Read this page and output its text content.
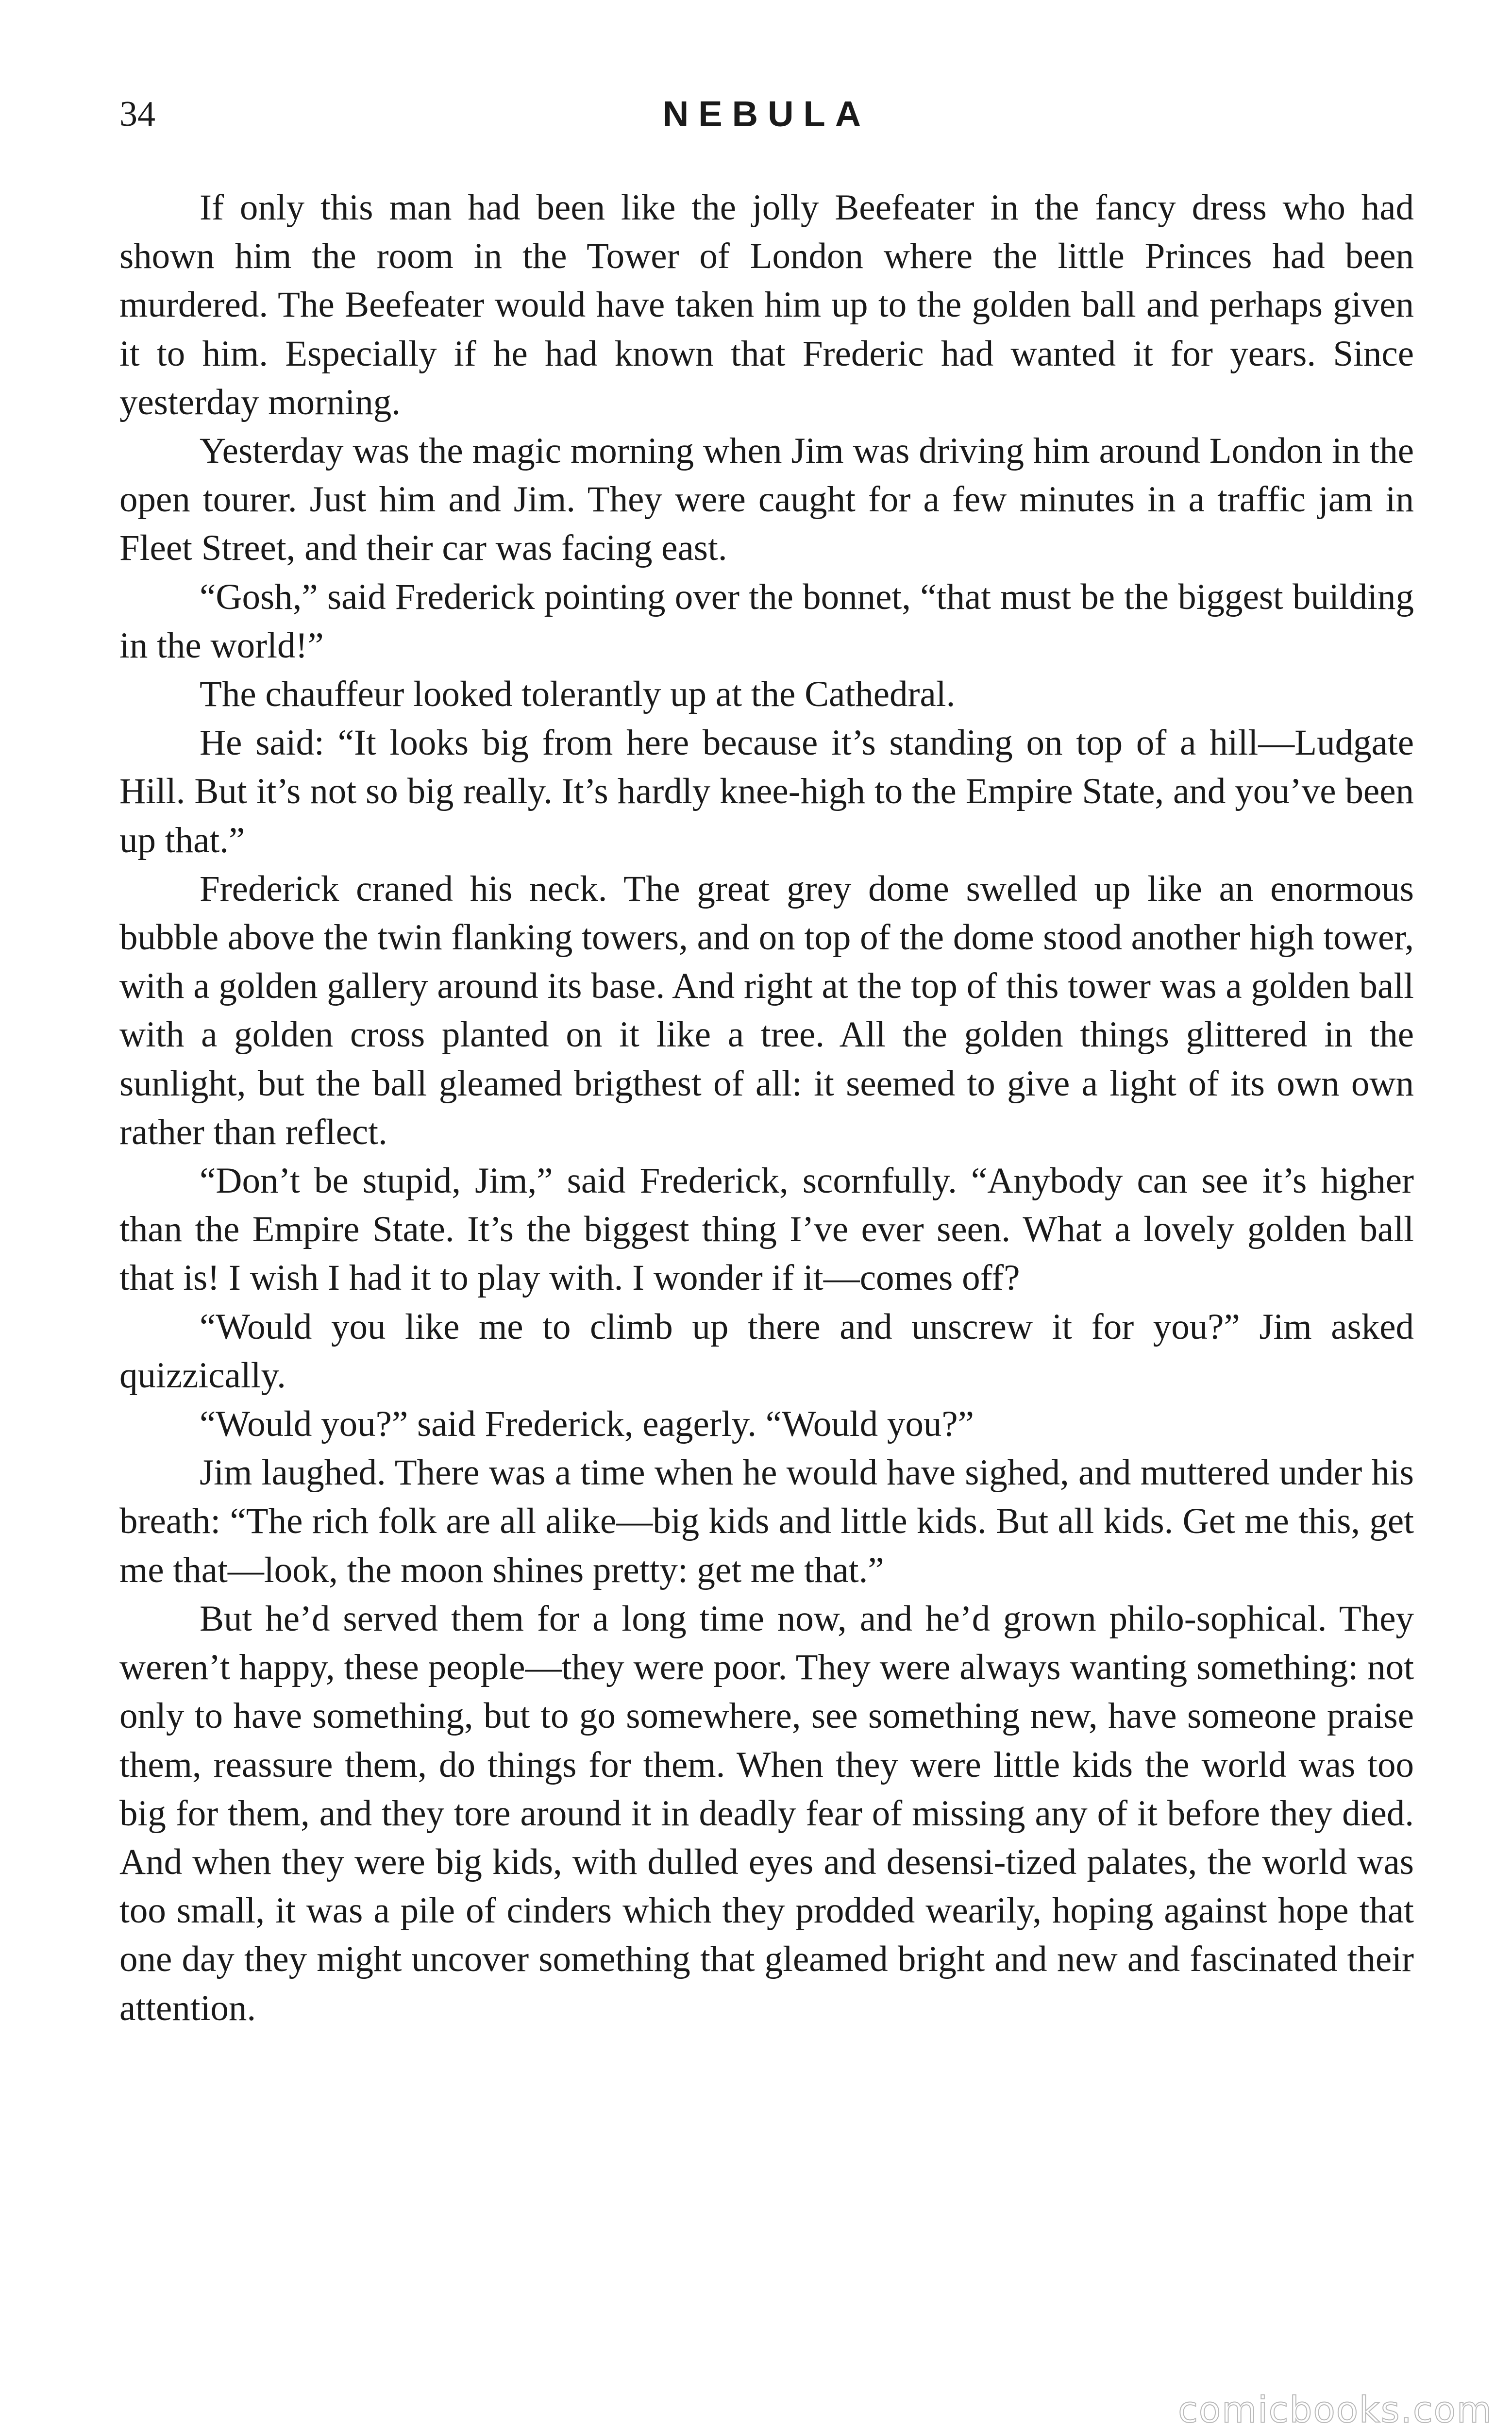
34	NEBULA

If only this man had been like the jolly Beefeater in the fancy dress who had shown him the room in the Tower of London where the little Princes had been murdered. The Beefeater would have taken him up to the golden ball and perhaps given it to him. Especially if he had known that Frederic had wanted it for years. Since yesterday morning.

Yesterday was the magic morning when Jim was driving him around London in the open tourer. Just him and Jim. They were caught for a few minutes in a traffic jam in Fleet Street, and their car was facing east.

“Gosh,” said Frederick pointing over the bonnet, “that must be the biggest building in the world!”

The chauffeur looked tolerantly up at the Cathedral.

He said: “It looks big from here because it’s standing on top of a hill—Ludgate Hill. But it’s not so big really. It’s hardly knee-high to the Empire State, and you’ve been up that.”

Frederick craned his neck. The great grey dome swelled up like an enormous bubble above the twin flanking towers, and on top of the dome stood another high tower, with a golden gallery around its base. And right at the top of this tower was a golden ball with a golden cross planted on it like a tree. All the golden things glittered in the sunlight, but the ball gleamed brigthest of all: it seemed to give a light of its own own rather than reflect.

“Don’t be stupid, Jim,” said Frederick, scornfully. “Anybody can see it’s higher than the Empire State. It’s the biggest thing I’ve ever seen. What a lovely golden ball that is! I wish I had it to play with. I wonder if it—comes off?

“Would you like me to climb up there and unscrew it for you?” Jim asked quizzically.

“Would you?” said Frederick, eagerly. “Would you?”

Jim laughed. There was a time when he would have sighed, and muttered under his breath: “The rich folk are all alike—big kids and little kids. But all kids. Get me this, get me that—look, the moon shines pretty: get me that.”

But he’d served them for a long time now, and he’d grown philo-sophical. They weren’t happy, these people—they were poor. They were always wanting something: not only to have something, but to go somewhere, see something new, have someone praise them, reassure them, do things for them. When they were little kids the world was too big for them, and they tore around it in deadly fear of missing any of it before they died. And when they were big kids, with dulled eyes and desensi-tized palates, the world was too small, it was a pile of cinders which they prodded wearily, hoping against hope that one day they might uncover something that gleamed bright and new and fascinated their attention.

comicbooks.com
